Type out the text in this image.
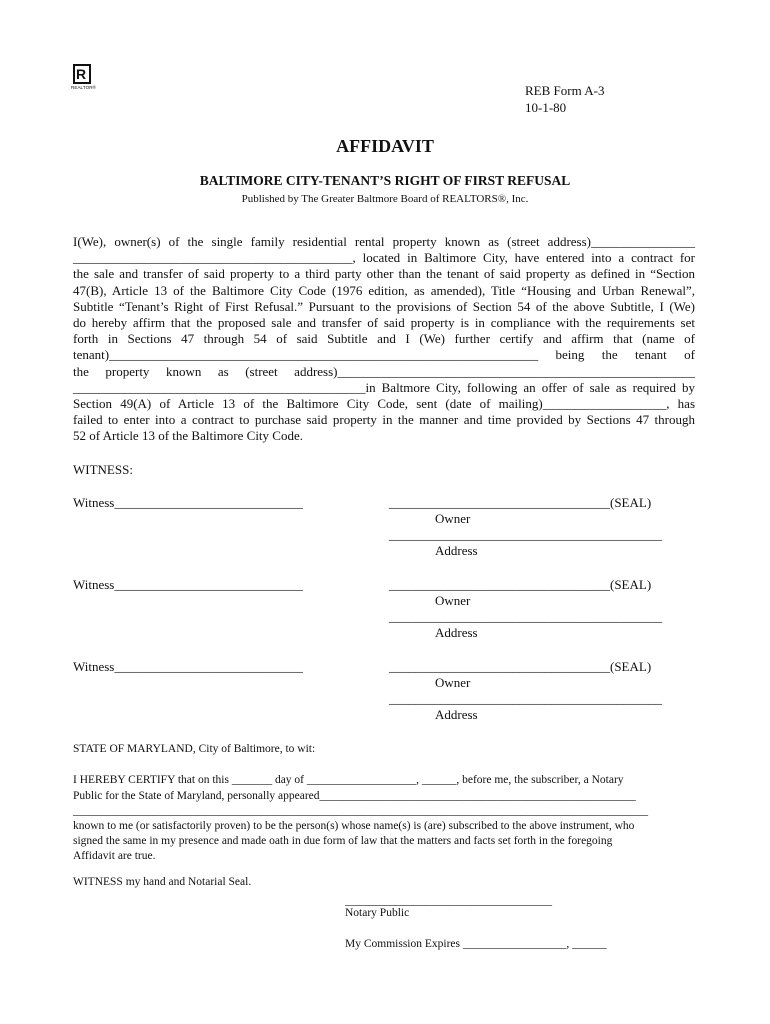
R
REALTOR®	REB Form A-3
10-1-80
AFFIDAVIT
BALTIMORE CITY-TENANT’S RIGHT OF FIRST REFUSAL
Published by The Greater Baltmore Board of REALTORS®, Inc.
I(We), owner(s) of the single family residential rental property known as (street address)________________
___________________________________________, located in Baltimore City, have entered into a contract for
the sale and transfer of said property to a third party other than the tenant of said property as defined in “Section
47(B), Article 13 of the Baltimore City Code (1976 edition, as amended), Title “Housing and Urban Renewal”,
Subtitle “Tenant’s Right of First Refusal.” Pursuant to the provisions of Section 54 of the above Subtitle, I (We)
do hereby affirm that the proposed sale and transfer of said property is in compliance with the requirements set
forth in Sections 47 through 54 of said Subtitle and I (We) further certify and affirm that (name of
tenant)__________________________________________________________________ being the tenant of
the property known as (street address)_______________________________________________________
_____________________________________________in Baltmore City, following an offer of sale as required by
Section 49(A) of Article 13 of the Baltimore City Code, sent (date of mailing)___________________, has
failed to enter into a contract to purchase said property in the manner and time provided by Sections 47 through
52 of Article 13 of the Baltimore City Code.
WITNESS:
Witness_____________________________	__________________________________(SEAL)
Owner
__________________________________________
Address
Witness_____________________________	__________________________________(SEAL)
Owner
__________________________________________
Address
Witness_____________________________	__________________________________(SEAL)
Owner
__________________________________________
Address
STATE OF MARYLAND, City of Baltimore, to wit:
I HEREBY CERTIFY that on this _______ day of ___________________, ______, before me, the subscriber, a Notary
Public for the State of Maryland, personally appeared_______________________________________________________
____________________________________________________________________________________________________
known to me (or satisfactorily proven) to be the person(s) whose name(s) is (are) subscribed to the above instrument, who
signed the same in my presence and made oath in due form of law that the matters and facts set forth in the foregoing
Affidavit are true.
WITNESS my hand and Notarial Seal.
____________________________________
Notary Public
My Commission Expires __________________, ______
